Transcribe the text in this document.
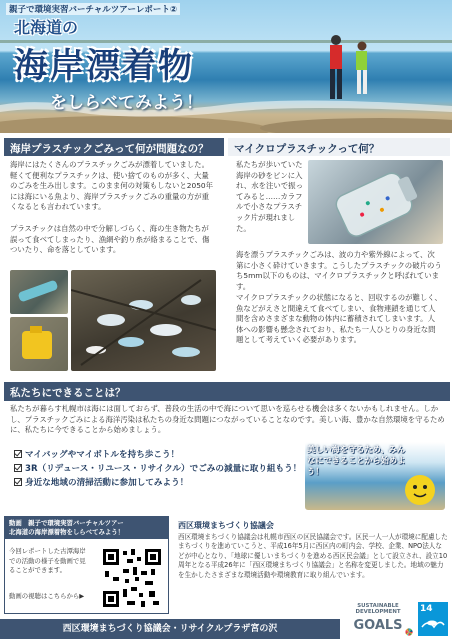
親子で環境実習バーチャルツアーレポート②
北海道の
海岸漂着物
をしらべてみよう！
海岸プラスチックごみって何が問題なの？
海岸にはたくさんのプラスチックごみが漂着していました。軽くて便利なプラスチックは、使い捨てのものが多く、大量のごみを生み出します。このまま何の対策もしないと2050年には海にいる魚より、海岸プラスチックごみの重量の方が重くなるとも言われています。
プラスチックは自然の中で分解しづらく、海の生き物たちが誤って食べてしまったり、漁網や釣り糸が絡まることで、傷ついたり、命を落としています。
マイクロプラスチックって何？
私たちが歩いていた海岸の砂をビンに入れ、水を注いで振ってみると……カラフルで小さなプラスチック片が現れました。
海を漂うプラスチックごみは、波の力や紫外線によって、次第に小さく砕けていきます。こうしたプラスチックの破片のうち5mm以下のものは、マイクロプラスチックと呼ばれています。
マイクロプラスチックの状態になると、回収するのが難しく、魚などがえさと間違えて食べてしまい、食物連鎖を通じて人間を含めさまざまな動物の体内に蓄積されてしまいます。人体への影響も懸念されており、私たち一人ひとりの身近な問題として考えていく必要があります。
私たちにできることは？
私たちが暮らす札幌市は海には面しておらず、普段の生活の中で海について思いを巡らせる機会は多くないかもしれません。しかし、プラスチックごみによる海洋汚染は私たちの身近な問題につながっていることなのです。美しい海、豊かな自然環境を守るために、私たちに今できることから始めましょう。
マイバッグやマイボトルを持ち歩こう！
3R（リデュース・リユース・リサイクル）でごみの減量に取り組もう！
身近な地域の清掃活動に参加してみよう！
美しい海を守るため、みんなにできることから始めよう！
動画　親子で環境実習バーチャルツアー
北海道の海岸漂着物をしらべてみよう！
今回レポートした古潭海岸での活動の様子を動画で見ることができます。
動画の視聴はこちらから▶
西区環境まちづくり協議会
西区環境まちづくり協議会は札幌市西区の区民協議会です。区民一人一人が環境に配慮したまちづくりを進めていこうと、平成16年5月に西区内の町内会、学校、企業、NPO法人などが中心となり、「地球に優しいまちづくりを進める西区民会議」として設立され、設立10周年となる平成26年に「西区環境まちづくり協議会」と名称を変更しました。地域の魅力を生かしたさまざまな環境活動や環境教育に取り組んでいます。
西区環境まちづくり協議会・リサイクルプラザ宮の沢
SUSTAINABLE
DEVELOPMENT
GOALS
14
